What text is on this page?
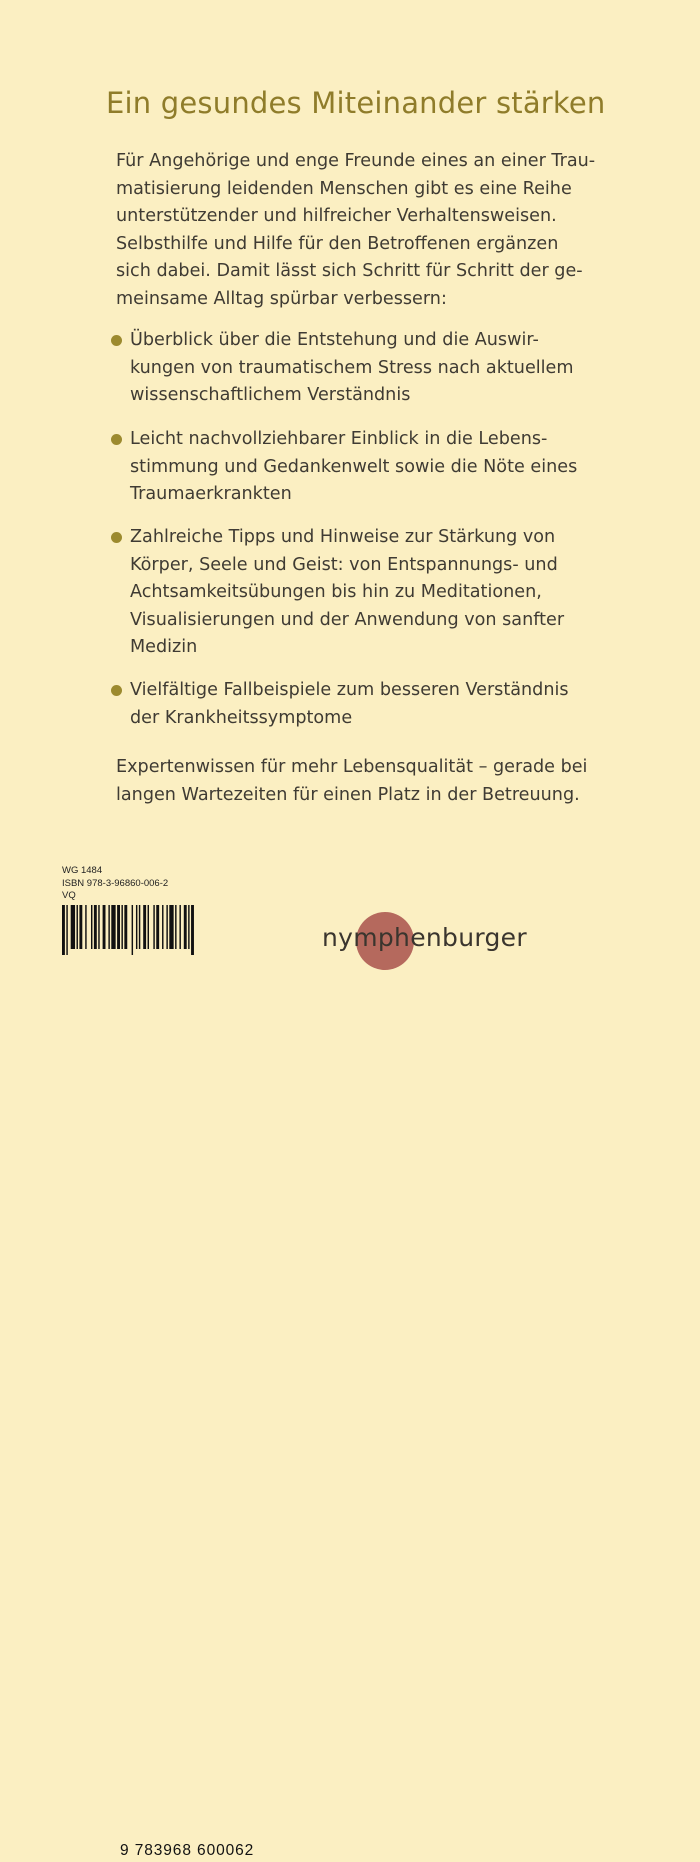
Ein gesundes Miteinander stärken

Für Angehörige und enge Freunde eines an einer Trau-
matisierung leidenden Menschen gibt es eine Reihe
unterstützender und hilfreicher Verhaltensweisen.
Selbsthilfe und Hilfe für den Betroffenen ergänzen
sich dabei. Damit lässt sich Schritt für Schritt der ge-
meinsame Alltag spürbar verbessern:

Überblick über die Entstehung und die Auswir-
kungen von traumatischem Stress nach aktuellem
wissenschaftlichem Verständnis
Leicht nachvollziehbarer Einblick in die Lebens-
stimmung und Gedankenwelt sowie die Nöte eines
Traumaerkrankten
Zahlreiche Tipps und Hinweise zur Stärkung von
Körper, Seele und Geist: von Entspannungs- und
Achtsamkeitsübungen bis hin zu Meditationen,
Visualisierungen und der Anwendung von sanfter
Medizin
Vielfältige Fallbeispiele zum besseren Verständnis
der Krankheitssymptome

Expertenwissen für mehr Lebensqualität – gerade bei
langen Wartezeiten für einen Platz in der Betreuung.

WG 1484
ISBN 978-3-96860-006-2
VQ
9 783968 600062
nymphenburger
